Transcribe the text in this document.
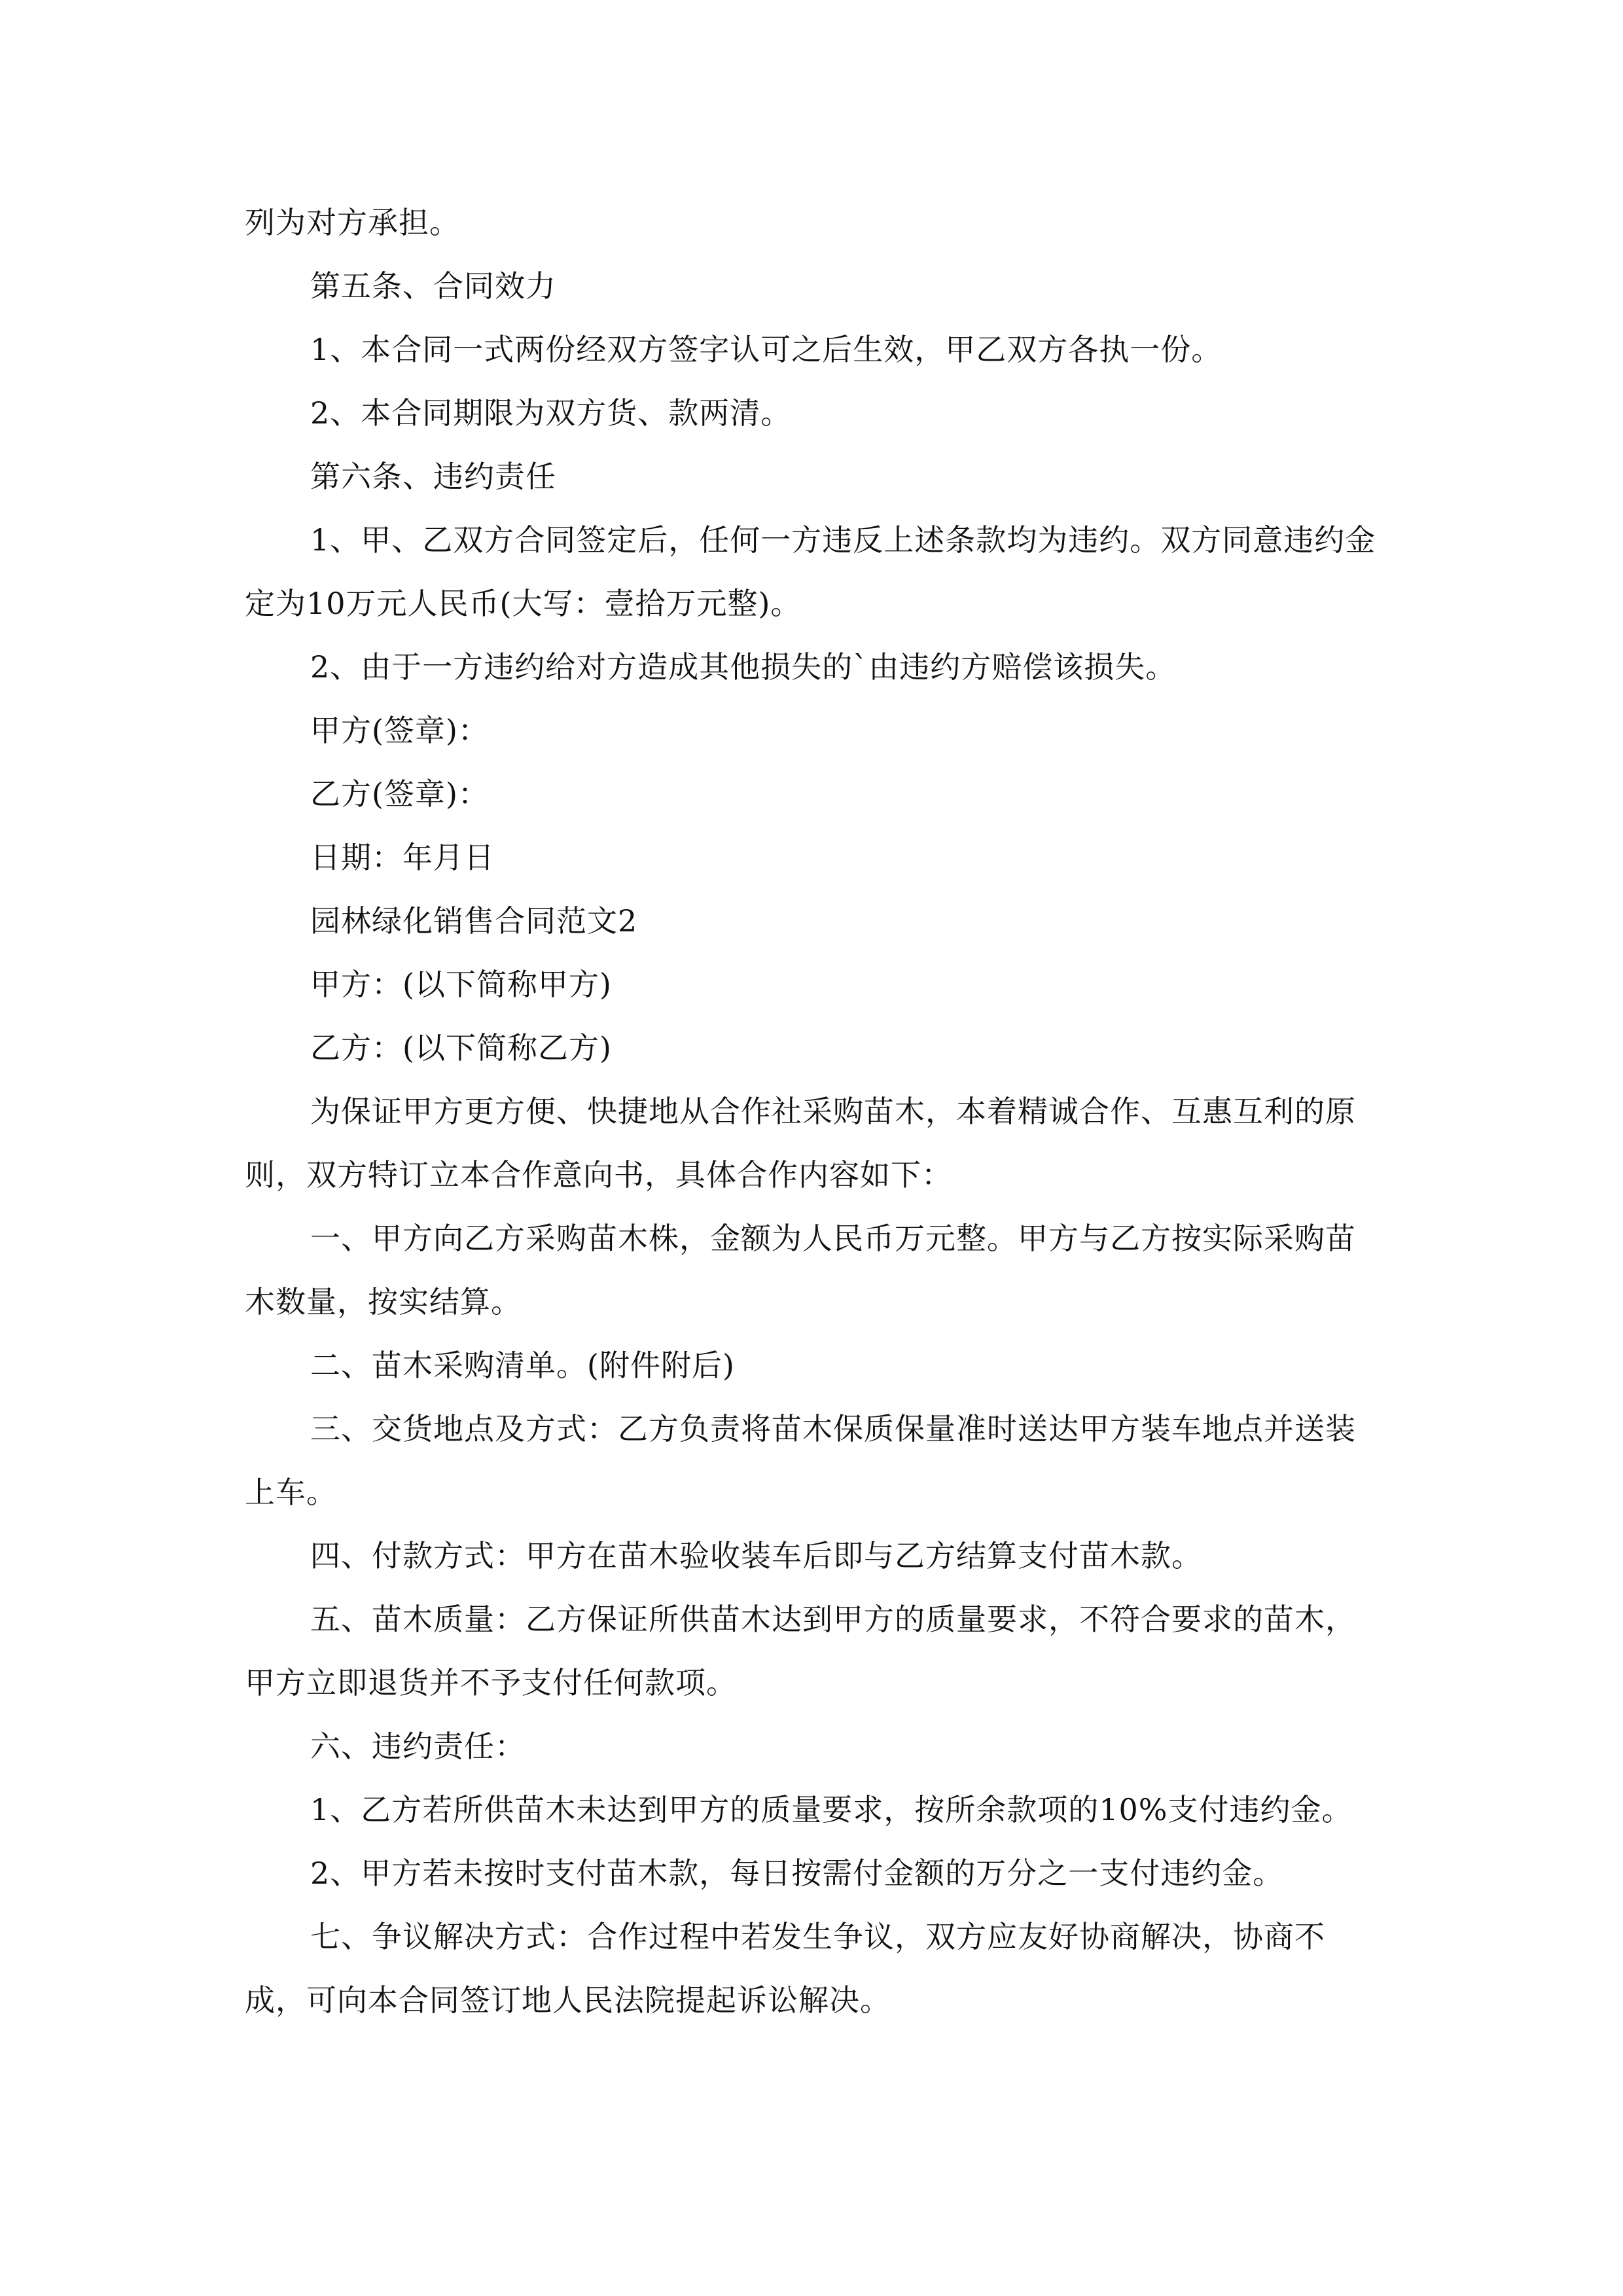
列为对方承担。

第五条、合同效力

1、本合同一式两份经双方签字认可之后生效，甲乙双方各执一份。

2、本合同期限为双方货、款两清。

第六条、违约责任

1、甲、乙双方合同签定后，任何一方违反上述条款均为违约。双方同意违约金定为10万元人民币(大写：壹拾万元整)。

2、由于一方违约给对方造成其他损失的`由违约方赔偿该损失。

甲方(签章)：

乙方(签章)：

日期：年月日

园林绿化销售合同范文2

甲方：(以下简称甲方)

乙方：(以下简称乙方)

为保证甲方更方便、快捷地从合作社采购苗木，本着精诚合作、互惠互利的原则，双方特订立本合作意向书，具体合作内容如下：

一、甲方向乙方采购苗木株，金额为人民币万元整。甲方与乙方按实际采购苗木数量，按实结算。

二、苗木采购清单。(附件附后)

三、交货地点及方式：乙方负责将苗木保质保量准时送达甲方装车地点并送装上车。

四、付款方式：甲方在苗木验收装车后即与乙方结算支付苗木款。

五、苗木质量：乙方保证所供苗木达到甲方的质量要求，不符合要求的苗木，甲方立即退货并不予支付任何款项。

六、违约责任：

1、乙方若所供苗木未达到甲方的质量要求，按所余款项的10%支付违约金。

2、甲方若未按时支付苗木款，每日按需付金额的万分之一支付违约金。

七、争议解决方式：合作过程中若发生争议，双方应友好协商解决，协商不成，可向本合同签订地人民法院提起诉讼解决。
